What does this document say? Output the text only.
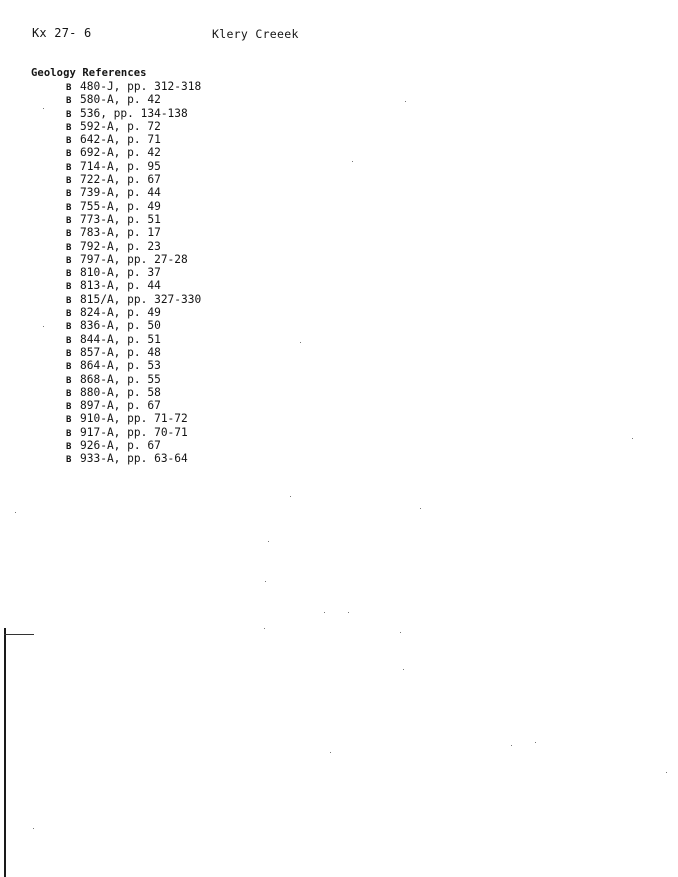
Kx 27- 6	Klery Creeek
Geology References
B 480-J, pp. 312-318
B 580-A, p. 42
B 536, pp. 134-138
B 592-A, p. 72
B 642-A, p. 71
B 692-A, p. 42
B 714-A, p. 95
B 722-A, p. 67
B 739-A, p. 44
B 755-A, p. 49
B 773-A, p. 51
B 783-A, p. 17
B 792-A, p. 23
B 797-A, pp. 27-28
B 810-A, p. 37
B 813-A, p. 44
B 815/A, pp. 327-330
B 824-A, p. 49
B 836-A, p. 50
B 844-A, p. 51
B 857-A, p. 48
B 864-A, p. 53
B 868-A, p. 55
B 880-A, p. 58
B 897-A, p. 67
B 910-A, pp. 71-72
B 917-A, pp. 70-71
B 926-A, p. 67
B 933-A, pp. 63-64
